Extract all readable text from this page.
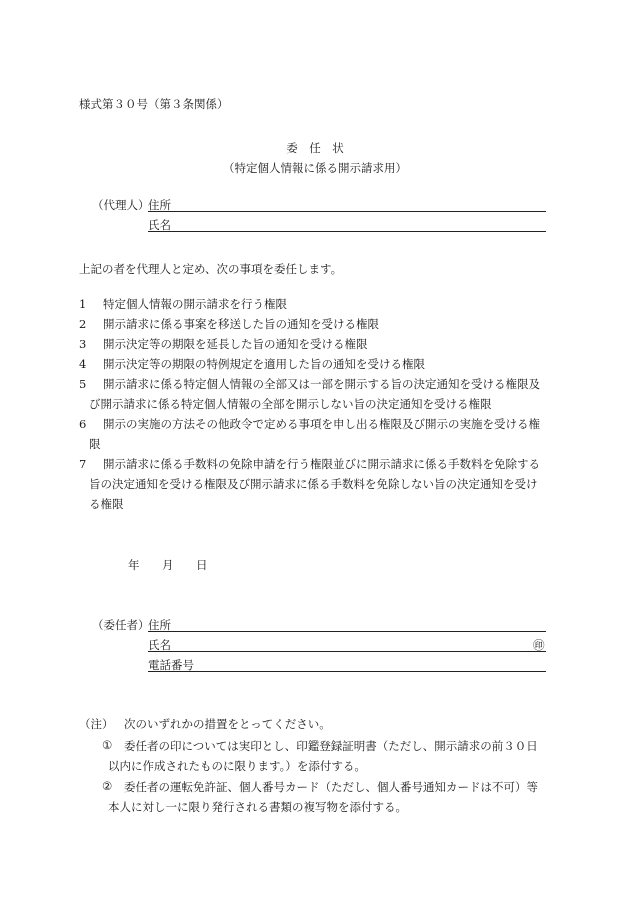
様式第３０号（第３条関係）
委　任　状
（特定個人情報に係る開示請求用）
（代理人）
住所
氏名
上記の者を代理人と定め、次の事項を委任します。
1	特定個人情報の開示請求を行う権限
2	開示請求に係る事案を移送した旨の通知を受ける権限
3	開示決定等の期限を延長した旨の通知を受ける権限
4	開示決定等の期限の特例規定を適用した旨の通知を受ける権限
5	開示請求に係る特定個人情報の全部又は一部を開示する旨の決定通知を受ける権限及
び開示請求に係る特定個人情報の全部を開示しない旨の決定通知を受ける権限
6	開示の実施の方法その他政令で定める事項を申し出る権限及び開示の実施を受ける権
限
7	開示請求に係る手数料の免除申請を行う権限並びに開示請求に係る手数料を免除する
旨の決定通知を受ける権限及び開示請求に係る手数料を免除しない旨の決定通知を受け
る権限
年 月 日
（委任者）
住所
氏名	㊞
電話番号
（注） 次のいずれかの措置をとってください。
① 委任者の印については実印とし、印鑑登録証明書（ただし、開示請求の前３０日
以内に作成されたものに限ります。）を添付する。
② 委任者の運転免許証、個人番号カード（ただし、個人番号通知カードは不可）等
本人に対し一に限り発行される書類の複写物を添付する。
